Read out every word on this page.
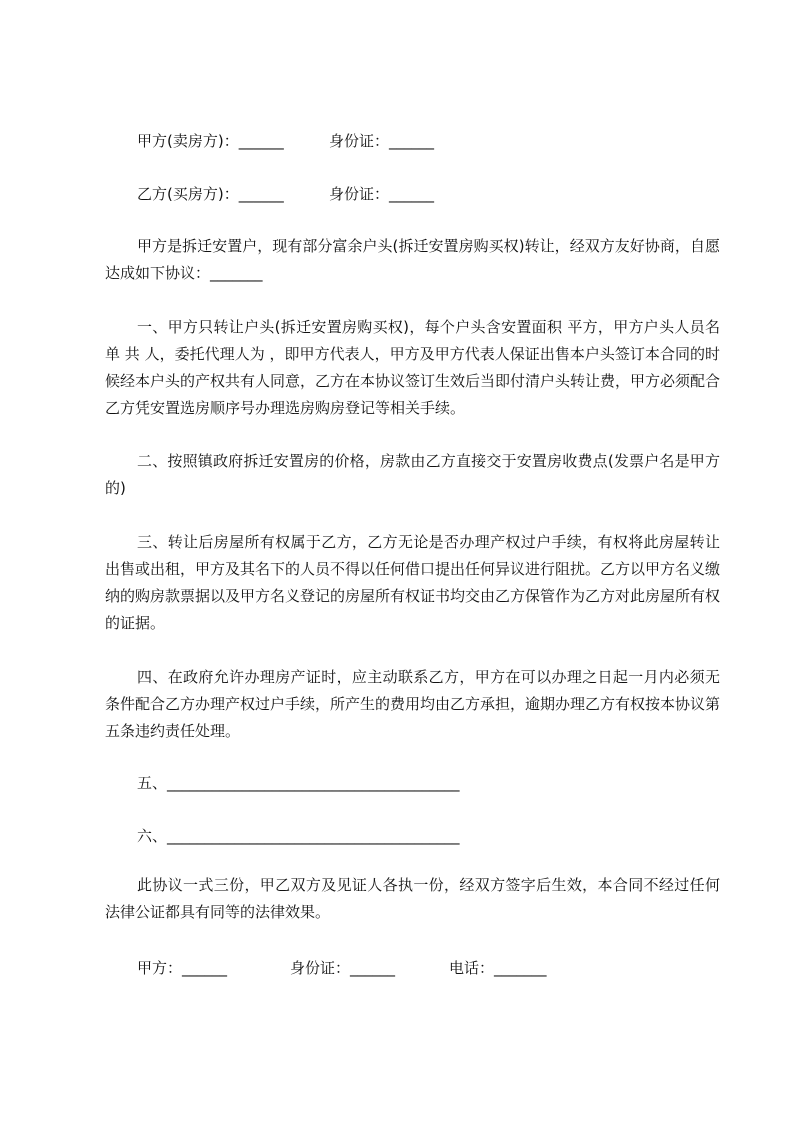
甲方(卖房方)：______	身份证：______
乙方(买房方)：______	身份证：______
甲方是拆迁安置户，现有部分富余户头(拆迁安置房购买权)转让，经双方友好协商，自愿达成如下协议：_______
一、甲方只转让户头(拆迁安置房购买权)，每个户头含安置面积 平方，甲方户头人员名单 共 人，委托代理人为 ，即甲方代表人，甲方及甲方代表人保证出售本户头签订本合同的时候经本户头的产权共有人同意，乙方在本协议签订生效后当即付清户头转让费，甲方必须配合乙方凭安置选房顺序号办理选房购房登记等相关手续。
二、按照镇政府拆迁安置房的价格，房款由乙方直接交于安置房收费点(发票户名是甲方的)
三、转让后房屋所有权属于乙方，乙方无论是否办理产权过户手续，有权将此房屋转让出售或出租，甲方及其名下的人员不得以任何借口提出任何异议进行阻扰。乙方以甲方名义缴纳的购房款票据以及甲方名义登记的房屋所有权证书均交由乙方保管作为乙方对此房屋所有权的证据。
四、在政府允许办理房产证时，应主动联系乙方，甲方在可以办理之日起一月内必须无条件配合乙方办理产权过户手续，所产生的费用均由乙方承担，逾期办理乙方有权按本协议第五条违约责任处理。
五、_______________________________________
六、_______________________________________
此协议一式三份，甲乙双方及见证人各执一份，经双方签字后生效，本合同不经过任何法律公证都具有同等的法律效果。
甲方：______	身份证：______	电话：_______
